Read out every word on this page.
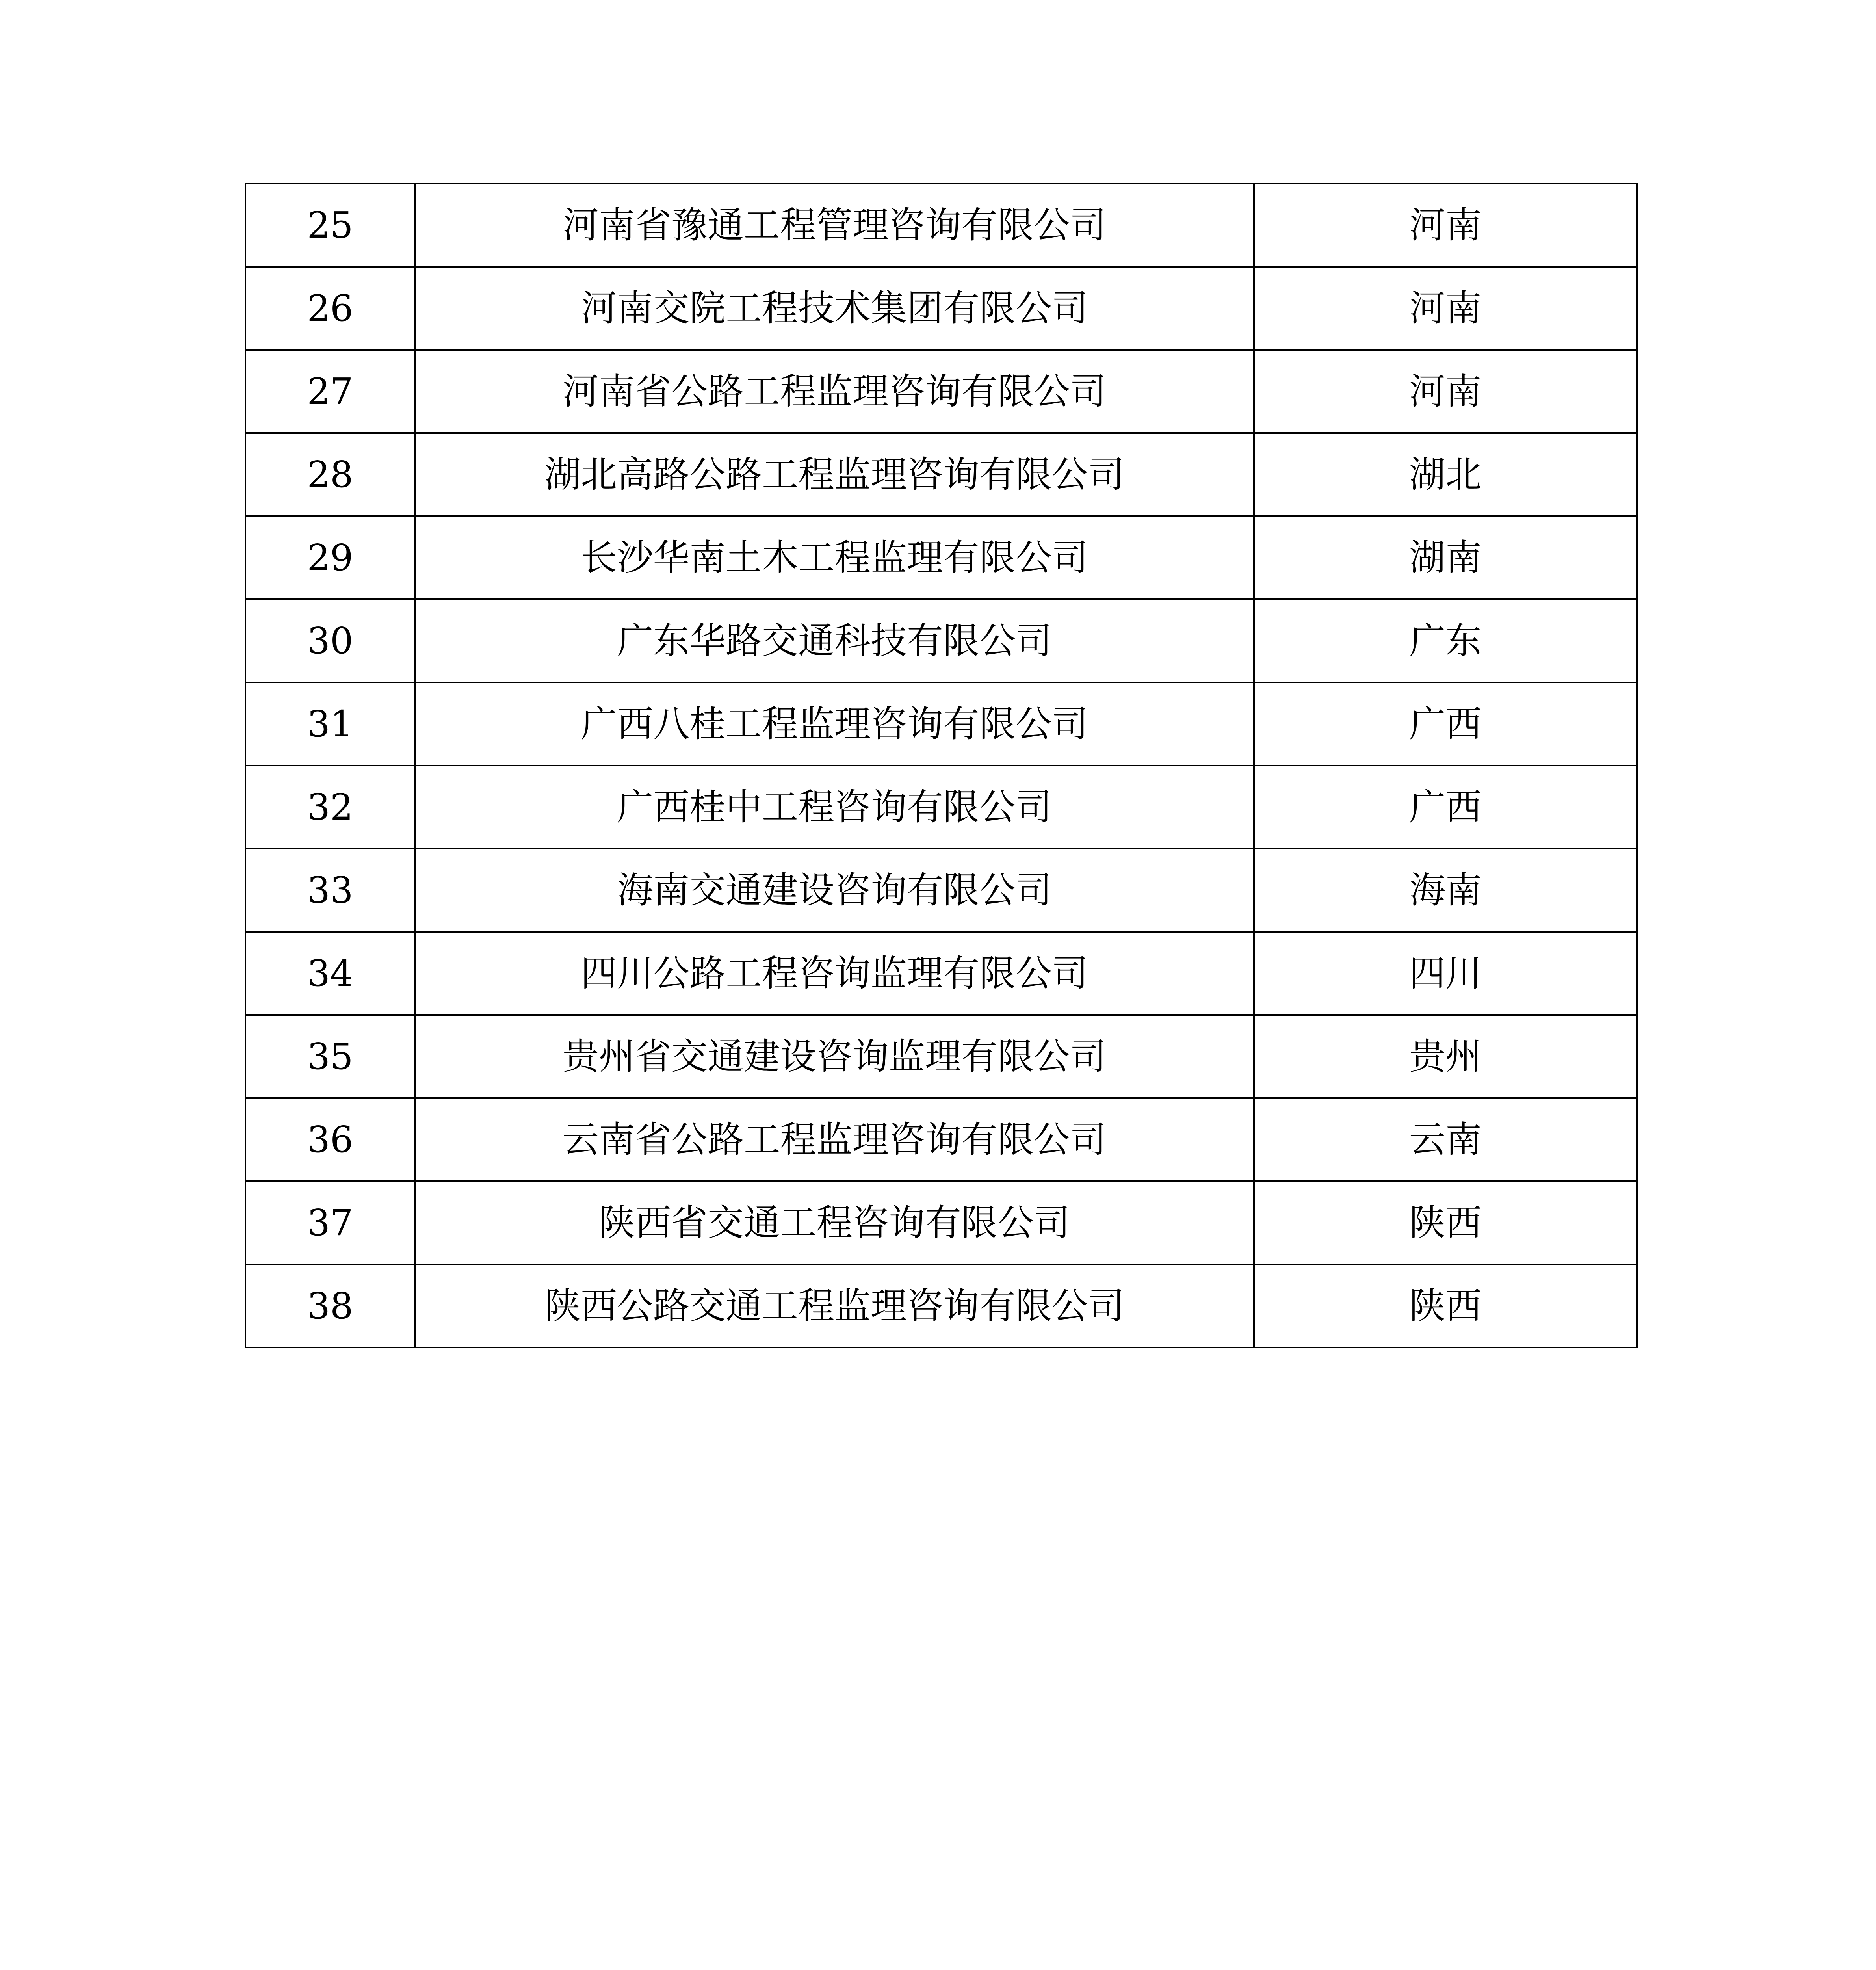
25	河南省豫通工程管理咨询有限公司	河南
26	河南交院工程技术集团有限公司	河南
27	河南省公路工程监理咨询有限公司	河南
28	湖北高路公路工程监理咨询有限公司	湖北
29	长沙华南土木工程监理有限公司	湖南
30	广东华路交通科技有限公司	广东
31	广西八桂工程监理咨询有限公司	广西
32	广西桂中工程咨询有限公司	广西
33	海南交通建设咨询有限公司	海南
34	四川公路工程咨询监理有限公司	四川
35	贵州省交通建设咨询监理有限公司	贵州
36	云南省公路工程监理咨询有限公司	云南
37	陕西省交通工程咨询有限公司	陕西
38	陕西公路交通工程监理咨询有限公司	陕西
